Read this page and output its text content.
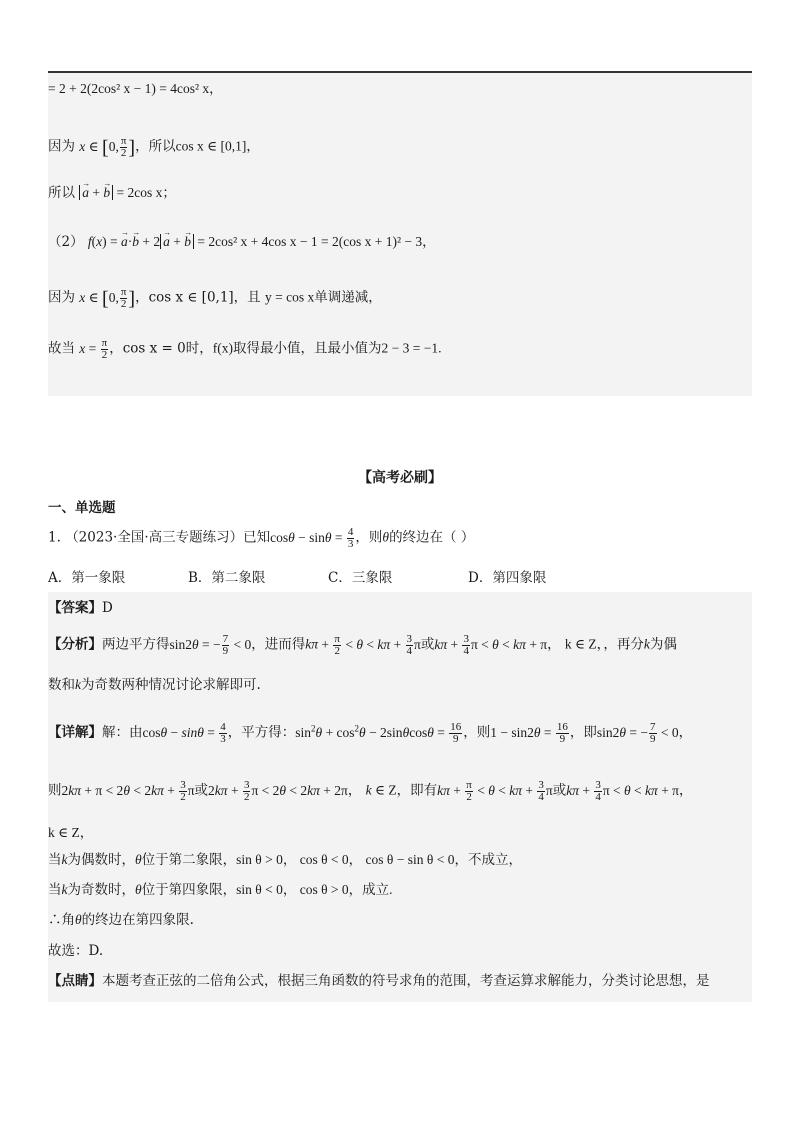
= 2 + 2(2cos² x − 1) = 4cos² x，
因为 x ∈ [0, $\frac{\pi}{2}$ ]，所以cos x ∈ [0,1]，
所以 → a + → b = 2cos x；
（2） f(x) = → a·→ b + 2 → a + → b = 2cos² x + 4cos x − 1 = 2(cos x + 1)² − 3，
因为 x ∈ [0, $\frac{\pi}{2}$ ]，cos x ∈ [0,1]，且 y = cos x单调递减，
故当 $x = \frac{\pi}{2}$ ，cos x = 0时，f(x)取得最小值，且最小值为2 − 3 = −1.
【高考必刷】
一、单选题
1. （2023·全国·高三专题练习）已知$\cos\theta - \sin\theta = \frac{4}{3}$ ，则θ的终边在（ ）
A．第一象限	B．第二象限	C．三象限	D．第四象限
【答案】D
【分析】两边平方得sin2θ = − $\frac{7}{9} < 0$，进而得$k\pi + \frac{\pi}{2} < \theta < k\pi + \frac{3}{4}$ π或$k\pi + \frac{3}{4}$ π < θ < kπ + π， k ∈ Z，，再分k为偶
数和k为奇数两种情况讨论求解即可.
【详解】解：由$\cos\theta - \sin\theta = \frac{4}{3}$ ，平方得：$\sin^2\theta + \cos^2\theta - 2\sin\theta\cos\theta = \frac{16}{9}$ ，则$1 - \sin 2\theta = \frac{16}{9}$ ，即sin2θ = − $\frac{7}{9} < 0$，
则$2k\pi + \pi < 2\theta < 2k\pi + \frac{3}{2}$ π或$2k\pi + \frac{3}{2}$ π < 2θ < 2kπ + 2π， k ∈ Z，即有$k\pi + \frac{\pi}{2} < \theta < k\pi + \frac{3}{4}$ π或$k\pi + \frac{3}{4}$ π < θ < kπ + π，
k ∈ Z，
当k为偶数时，θ位于第二象限，sin θ > 0， cos θ < 0， cos θ − sin θ < 0，不成立，
当k为奇数时，θ位于第四象限，sin θ < 0， cos θ > 0，成立.
∴角θ的终边在第四象限.
故选：D.
【点睛】本题考查正弦的二倍角公式，根据三角函数的符号求角的范围，考查运算求解能力，分类讨论思想，是
